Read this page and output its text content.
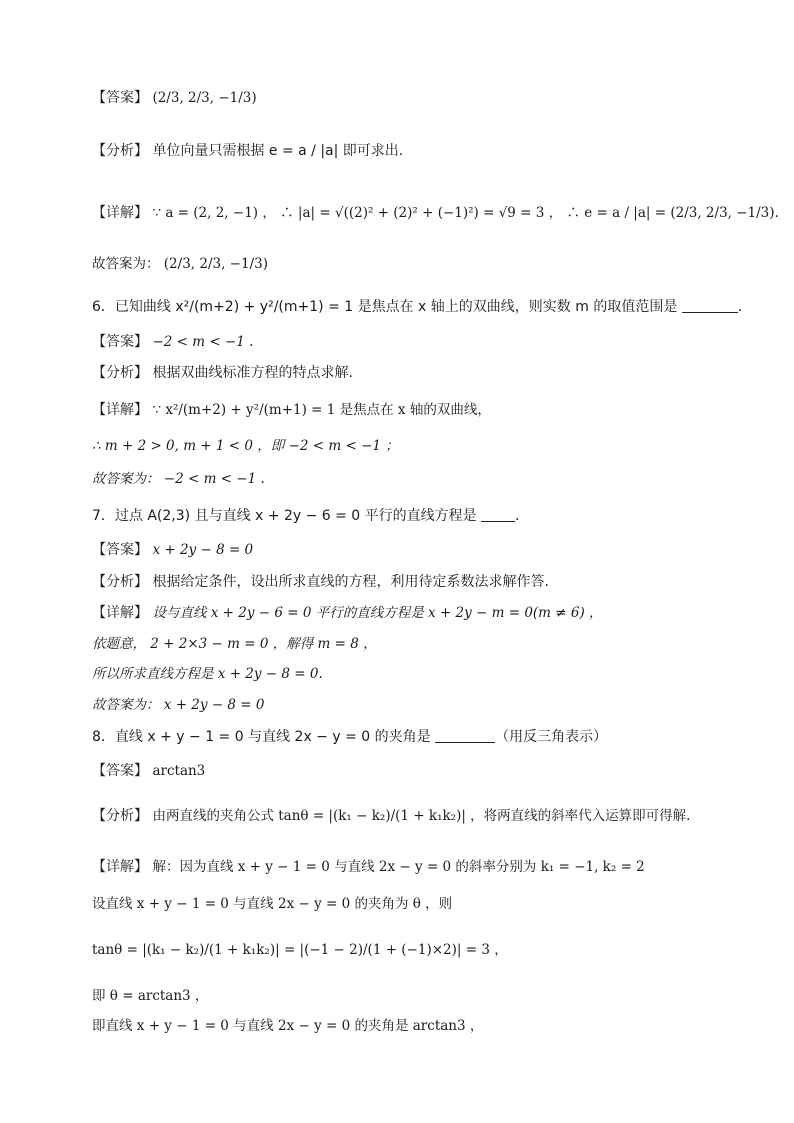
【答案】 (2/3, 2/3, −1/3)
【分析】 单位向量只需根据 e = a / |a| 即可求出.
【详解】 ∵ a = (2, 2, −1) ， ∴ |a| = √((2)² + (2)² + (−1)²) = √9 = 3 ， ∴ e = a / |a| = (2/3, 2/3, −1/3).
故答案为： (2/3, 2/3, −1/3)
6．已知曲线 x²/(m+2) + y²/(m+1) = 1 是焦点在 x 轴上的双曲线，则实数 m 的取值范围是	．
【答案】 −2 < m < −1 .
【分析】 根据双曲线标准方程的特点求解.
【详解】 ∵ x²/(m+2) + y²/(m+1) = 1 是焦点在 x 轴的双曲线，
∴ m + 2 > 0, m + 1 < 0 ，即 −2 < m < −1 ；
故答案为： −2 < m < −1 .
7．过点 A(2,3) 且与直线 x + 2y − 6 = 0 平行的直线方程是	．
【答案】 x + 2y − 8 = 0
【分析】 根据给定条件，设出所求直线的方程，利用待定系数法求解作答.
【详解】 设与直线 x + 2y − 6 = 0 平行的直线方程是 x + 2y − m = 0(m ≠ 6) ，
依题意， 2 + 2×3 − m = 0 ，解得 m = 8 ，
所以所求直线方程是 x + 2y − 8 = 0.
故答案为： x + 2y − 8 = 0
8．直线 x + y − 1 = 0 与直线 2x − y = 0 的夹角是	（用反三角表示）
【答案】 arctan3
【分析】 由两直线的夹角公式 tanθ = |(k₁ − k₂)/(1 + k₁k₂)| ，将两直线的斜率代入运算即可得解.
【详解】 解：因为直线 x + y − 1 = 0 与直线 2x − y = 0 的斜率分别为 k₁ = −1, k₂ = 2
设直线 x + y − 1 = 0 与直线 2x − y = 0 的夹角为 θ ，则
tanθ = |(k₁ − k₂)/(1 + k₁k₂)| = |(−1 − 2)/(1 + (−1)×2)| = 3 ，
即 θ = arctan3 ，
即直线 x + y − 1 = 0 与直线 2x − y = 0 的夹角是 arctan3 ，
